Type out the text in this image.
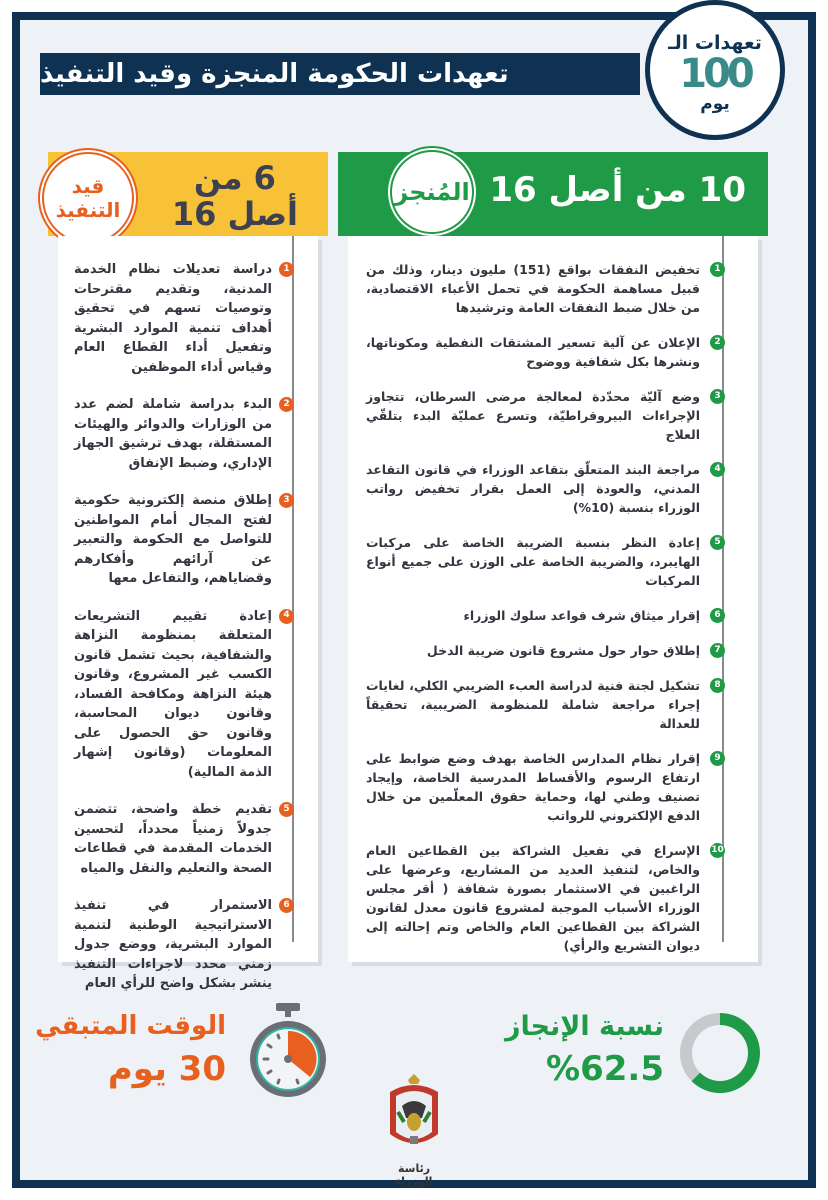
تعهدات الحكومة المنجزة وقيد التنفيذ
تعهدات الـ
100
يوم
المُنجز 10 من أصل 16
1
تخفيض النفقات بواقع (151) مليون دينار، وذلك من قبيل مساهمة الحكومة في تحمل الأعباء الاقتصادية، من خلال ضبط النفقات العامة وترشيدها
2
الإعلان عن آلية تسعير المشتقات النفطية ومكوناتها، ونشرها بكل شفافية ووضوح
3
وضع آليّة محدّدة لمعالجة مرضى السرطان، تتجاوز الإجراءات البيروقراطيّة، وتسرع عمليّة البدء بتلقّي العلاج
4
مراجعة البند المتعلّق بتقاعد الوزراء في قانون التقاعد المدني، والعودة إلى العمل بقرار تخفيض رواتب الوزراء بنسبة (10%)
5
إعادة النظر بنسبة الضريبة الخاصة على مركبات الهايبرد، والضريبة الخاصة على الوزن على جميع أنواع المركبات
6
إقرار ميثاق شرف قواعد سلوك الوزراء
7
إطلاق حوار حول مشروع قانون ضريبة الدخل
8
تشكيل لجنة فنية لدراسة العبء الضريبي الكلي، لغايات إجراء مراجعة شاملة للمنظومة الضريبية، تحقيقاً للعدالة
9
إقرار نظام المدارس الخاصة بهدف وضع ضوابط على ارتفاع الرسوم والأقساط المدرسية الخاصة، وإيجاد تصنيف وطني لها، وحماية حقوق المعلّمين من خلال الدفع الإلكتروني للرواتب
10
الإسراع في تفعيل الشراكة بين القطاعين العام والخاص، لتنفيذ العديد من المشاريع، وعرضها على الراغبين في الاستثمار بصورة شفافة ( أقر مجلس الوزراء الأسباب الموجبة لمشروع قانون معدل لقانون الشراكة بين القطاعين العام والخاص وتم إحالته إلى ديوان التشريع والرأي)
قيد
التنفيذ
6 من
أصل 16
1
دراسة تعديلات نظام الخدمة المدنية، وتقديم مقترحات وتوصيات تسهم في تحقيق أهداف تنمية الموارد البشرية وتفعيل أداء القطاع العام وقياس أداء الموظفين
2
البدء بدراسة شاملة لضم عدد من الوزارات والدوائر والهيئات المستقلة، بهدف ترشيق الجهاز الإداري، وضبط الإنفاق
3
إطلاق منصة إلكترونية حكومية لفتح المجال أمام المواطنين للتواصل مع الحكومة والتعبير عن آرائهم وأفكارهم وقضاياهم، والتفاعل معها
4
إعادة تقييم التشريعات المتعلقة بمنظومة النزاهة والشفافية، بحيث تشمل قانون الكسب غير المشروع، وقانون هيئة النزاهة ومكافحة الفساد، وقانون ديوان المحاسبة، وقانون حق الحصول على المعلومات (وقانون إشهار الذمة المالية)
5
تقديم خطة واضحة، تتضمن جدولاً زمنياً محدداً، لتحسين الخدمات المقدمة في قطاعات الصحة والتعليم والنقل والمياه
6
الاستمرار في تنفيذ الاستراتيجية الوطنية لتنمية الموارد البشرية، ووضع جدول زمني محدد لاجراءات التنفيذ ينشر بشكل واضح للرأي العام
نسبة الإنجاز
%62.5
الوقت المتبقي
30 يوم
رئاسة الوزراء
